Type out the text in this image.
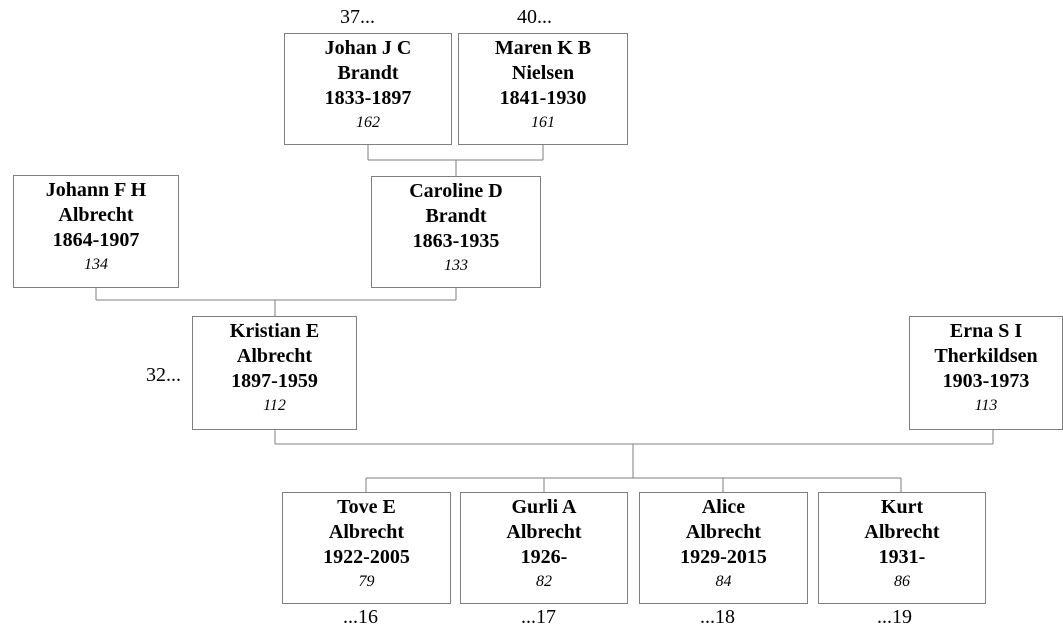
37...	40...
32...
...16	...17	...18	...19
Johan J C
Brandt
1833-1897
162
Maren K B
Nielsen
1841-1930
161
Johann F H
Albrecht
1864-1907
134
Caroline D
Brandt
1863-1935
133
Kristian E
Albrecht
1897-1959
112
Erna S I
Therkildsen
1903-1973
113
Tove E
Albrecht
1922-2005
79
Gurli A
Albrecht
1926-
82
Alice
Albrecht
1929-2015
84
Kurt
Albrecht
1931-
86
